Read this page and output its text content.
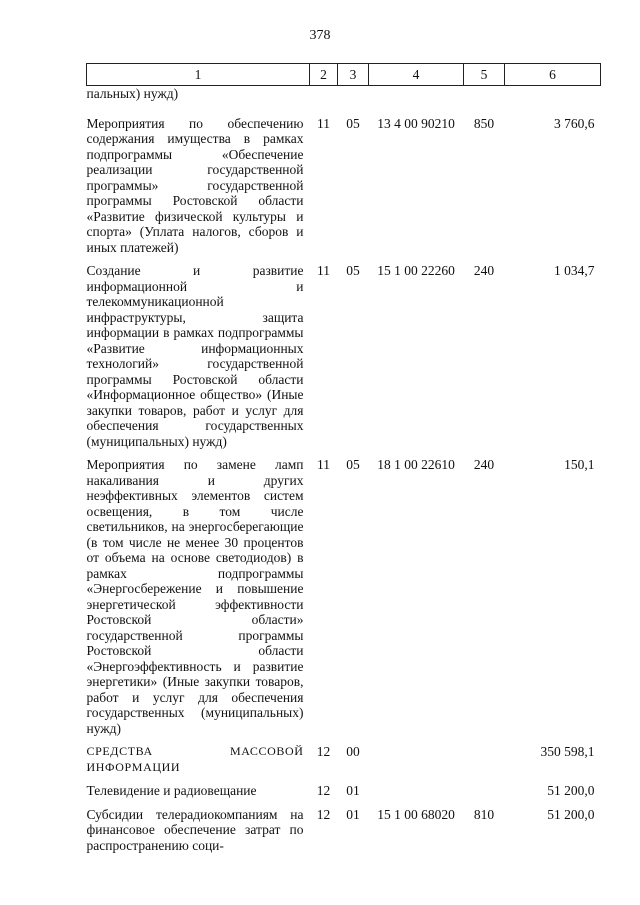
378
1	2	3	4	5	6
пальных) нужд)					
Мероприятия по обеспечению содержания имущества в рамках подпрограммы «Обеспечение реализации государственной программы» государственной программы Ростовской области «Развитие физической культуры и спорта» (Уплата налогов, сборов и иных платежей)	11	05	13 4 00 90210	850	3 760,6
Создание и развитие информационной и телекоммуникационной инфраструктуры, защита информации в рамках подпрограммы «Развитие информационных технологий» государственной программы Ростовской области «Информационное общество» (Иные закупки товаров, работ и услуг для обеспечения государственных (муниципальных) нужд)	11	05	15 1 00 22260	240	1 034,7
Мероприятия по замене ламп накаливания и других неэффективных элементов систем освещения, в том числе светильников, на энергосберегающие (в том числе не менее 30 процентов от объема на основе светодиодов) в рамках подпрограммы «Энергосбережение и повышение энергетической эффективности Ростовской области» государственной программы Ростовской области «Энергоэффективность и развитие энергетики» (Иные закупки товаров, работ и услуг для обеспечения государственных (муниципальных) нужд)	11	05	18 1 00 22610	240	150,1
СРЕДСТВА МАССОВОЙ ИНФОРМАЦИИ	12	00			350 598,1
Телевидение и радиовещание	12	01			51 200,0
Субсидии телерадиокомпаниям на финансовое обеспечение затрат по распространению соци-	12	01	15 1 00 68020	810	51 200,0
